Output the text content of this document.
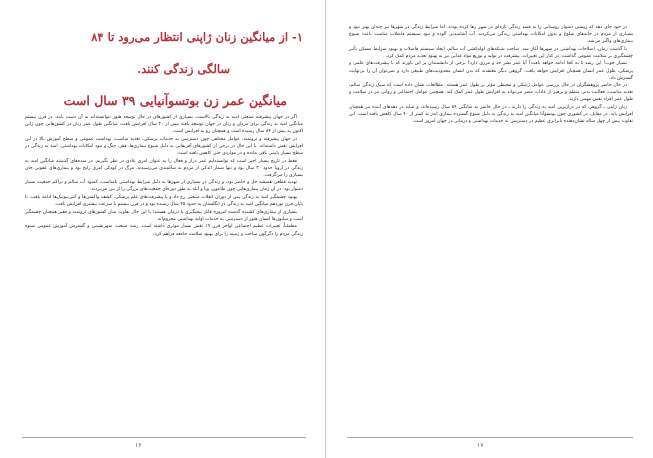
۱- از میانگین زنان ژاپنی انتظار می‌رود تا ۸۴
سالگی زندگی کنند.
میانگین عمر زن بوتسوآنیایی ۳۹ سال است

اگر در جهان پیشرفته صنعتی امید به زندگی بالاست، بسیاری از کشورهای در حال توسعه هنوز نتوانسته‌اند به آن دست یابند. در قرن بیستم میانگین امید به زندگی برای مردان و زنان در جهان توسعه یافته بیش از ۲۰ سال افزایش یافت، میانگین طول عمر زنان در کشورهایی چون ژاپن اکنون به بیش از ۸۴ سال رسیده است و همچنان رو به افزایش است.

در جهان پیشرفته و ثروتمند، عوامل مختلفی چون دسترسی به خدمات پزشکی، تغذیه مناسب، بهداشت عمومی و سطح آموزش بالا در این افزایش نقش داشته‌اند. با این حال در برخی از کشورهای آفریقایی به دلیل شیوع بیماری‌ها، فقر، جنگ و نبود امکانات بهداشتی، امید به زندگی در سطح بسیار پایینی باقی مانده و در مواردی حتی کاهش یافته است.

فقط در تاریخ بسیار اخیر است که توانسته‌ایم عمر دراز و فعال را به عنوان امری عادی در نظر بگیریم. در سده‌های گذشته میانگین امید به زندگی در اروپا حدود ۳۰ سال بود و تنها شمار اندکی از مردم به سالمندی می‌رسیدند. مرگ در کودکی امری رایج بود و بیماری‌های عفونی جان بسیاری را می‌گرفت.

تهدید قطعی همیشه حل و حاضر بود، و زندگی در بسیاری از شهرها به دلیل شرایط بهداشتی نامناسب، کمبود آب سالم و تراکم جمعیت بسیار دشوار بود. در آن زمان بیماری‌هایی چون طاعون، وبا و آبله به طور دوره‌ای جمعیت‌های بزرگی را از بین می‌بردند.

بهبود چشمگیر امید به زندگی پس از دوران انقلاب صنعتی رخ داد و با پیشرفت‌های علم پزشکی، کشف واکسن‌ها و آنتی‌بیوتیک‌ها ادامه یافت. تا پایان قرن نوزدهم میانگین امید به زندگی در انگلستان به حدود ۴۵ سال رسیده بود و در قرن بیستم با سرعت بیشتری افزایش یافت.

بسیاری از بیماری‌های کشنده گذشته امروزه قابل پیشگیری یا درمان هستند؛ با این حال تفاوت میان کشورهای ثروتمند و فقیر همچنان چشمگیر است و میلیون‌ها انسان هنوز از دسترسی به خدمات اولیه بهداشتی محروم‌اند.

مطمئناً، تغییرات عظیم اجتماعی اواخر قرن ۱۹ نقش بسیار موثری داشته است. رشد صنعت، شهرنشینی و گسترش آموزش عمومی شیوه زندگی مردم را دگرگون ساخت و زمینه را برای بهبود سلامت جامعه فراهم کرد.

۱۶

در خود جای دهد که زیستن دشوار روستایی را به قصد زندگی تازه‌ای در شهر رها کرده بودند. اما شرایط زندگی در شهرها نیز چندان بهتر نبود و بسیاری از مردم در خانه‌های شلوغ و بدون امکانات بهداشتی زندگی می‌کردند. آب آشامیدنی آلوده و نبود سیستم فاضلاب مناسب باعث شیوع بیماری‌های واگیر می‌شد.

با گذشت زمان، اصلاحات بهداشتی در شهرها آغاز شد. ساخت شبکه‌های لوله‌کشی آب سالم، ایجاد سیستم فاضلاب و بهبود شرایط مسکن تأثیر چشمگیری بر سلامت عمومی گذاشت. در کنار این تغییرات، پیشرفت در تولید و توزیع مواد غذایی نیز به بهبود تغذیه مردم کمک کرد.

بسیار خوب! این رشد تا به کجا ادامه خواهد یافت؟ آیا عمر بشر حد و مرزی دارد؟ برخی از دانشمندان بر این باورند که با پیشرفت‌های علمی و پزشکی، طول عمر انسان همچنان افزایش خواهد یافت. گروهی دیگر معتقدند که بدن انسان محدودیت‌های طبیعی دارد و نمی‌توان آن را بی‌نهایت گسترش داد.

در حال حاضر پژوهشگران در حال بررسی عوامل ژنتیکی و محیطی مؤثر بر طول عمر هستند. مطالعات نشان داده است که سبک زندگی سالم، تغذیه مناسب، فعالیت بدنی منظم و پرهیز از عادات مضر می‌تواند به افزایش طول عمر کمک کند. همچنین عوامل اجتماعی و روانی نیز در سلامت و طول عمر افراد نقش مهمی دارند.

زنان ژاپنی ـ گروهی که در درازترین امید به زندگی را دارند ـ در حال حاضر به میانگین ۸۴ سال رسیده‌اند، و شاید در دهه‌های آینده نیز همچنان افزایش یابد. در مقابل، در کشوری چون بوتسوآنا میانگین امید به زندگی به دلیل شیوع گسترده بیماری ایدز به کمتر از ۴۰ سال کاهش یافته است. این تفاوت بیش از چهل ساله نشان‌دهنده نابرابری عظیم در دسترسی به خدمات بهداشتی و درمانی در جهان امروز است.

۱۷
